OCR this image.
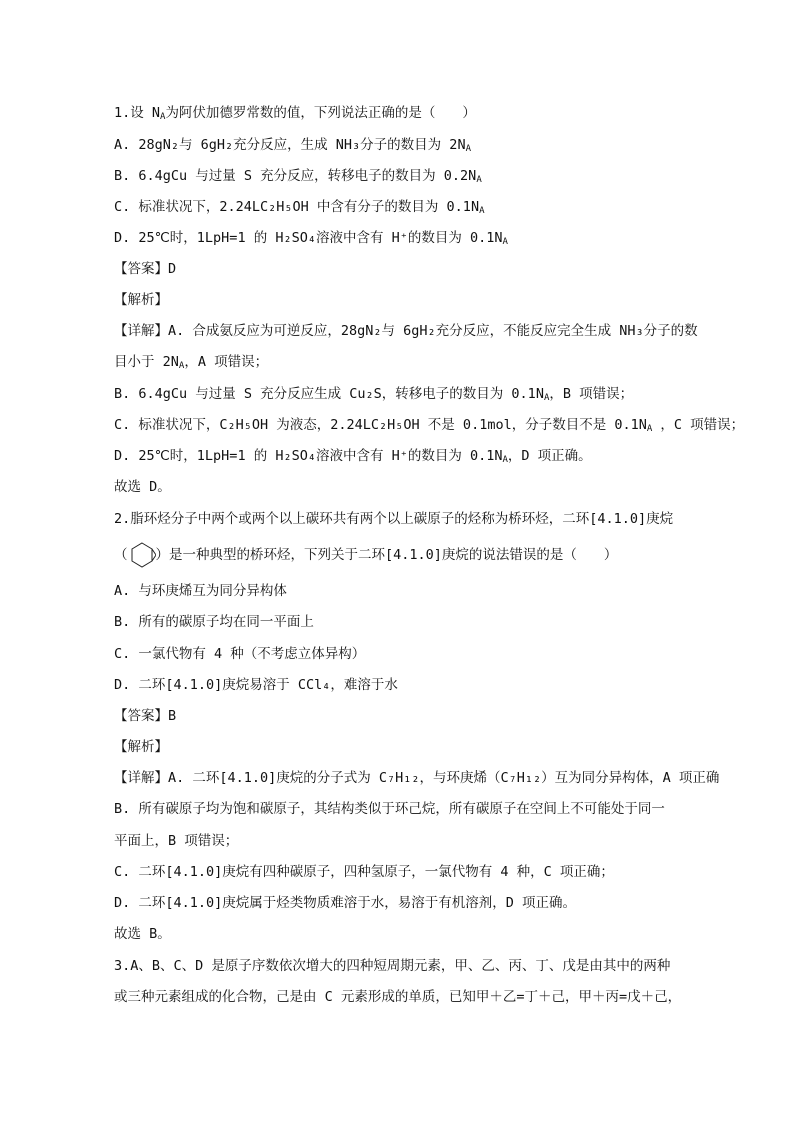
1.设 $N_A$为阿伏加德罗常数的值，下列说法正确的是（　　）
A. 28gN₂与 6gH₂充分反应，生成 NH₃分子的数目为 $2N_A$
B. 6.4gCu 与过量 S 充分反应，转移电子的数目为 $0.2N_A$
C. 标准状况下，2.24LC₂H₅OH 中含有分子的数目为 $0.1N_A$
D. 25℃时，1LpH=1 的 H₂SO₄溶液中含有 H⁺的数目为 $0.1N_A$
【答案】D
【解析】
【详解】A. 合成氨反应为可逆反应，28gN₂与 6gH₂充分反应，不能反应完全生成 NH₃分子的数
目小于 $2N_A$，A 项错误；
B. 6.4gCu 与过量 S 充分反应生成 Cu₂S，转移电子的数目为 $0.1N_A$，B 项错误；
C. 标准状况下，C₂H₅OH 为液态，2.24LC₂H₅OH 不是 0.1mol，分子数目不是 $0.1N_A$ ，C 项错误；
D. 25℃时，1LpH=1 的 H₂SO₄溶液中含有 H⁺的数目为 $0.1N_A$，D 项正确。
故选 D。
2.脂环烃分子中两个或两个以上碳环共有两个以上碳原子的烃称为桥环烃，二环[4.1.0]庚烷
（ ）是一种典型的桥环烃，下列关于二环[4.1.0]庚烷的说法错误的是（　　）
A. 与环庚烯互为同分异构体
B. 所有的碳原子均在同一平面上
C. 一氯代物有 4 种（不考虑立体异构）
D. 二环[4.1.0]庚烷易溶于 CCl₄，难溶于水
【答案】B
【解析】
【详解】A. 二环[4.1.0]庚烷的分子式为 C₇H₁₂，与环庚烯（C₇H₁₂）互为同分异构体，A 项正确
B. 所有碳原子均为饱和碳原子，其结构类似于环己烷，所有碳原子在空间上不可能处于同一
平面上，B 项错误；
C. 二环[4.1.0]庚烷有四种碳原子，四种氢原子，一氯代物有 4 种，C 项正确；
D. 二环[4.1.0]庚烷属于烃类物质难溶于水，易溶于有机溶剂，D 项正确。
故选 B。
3.A、B、C、D 是原子序数依次增大的四种短周期元素，甲、乙、丙、丁、戊是由其中的两种
或三种元素组成的化合物，己是由 C 元素形成的单质，已知甲＋乙=丁＋己，甲＋丙=戊＋己，
